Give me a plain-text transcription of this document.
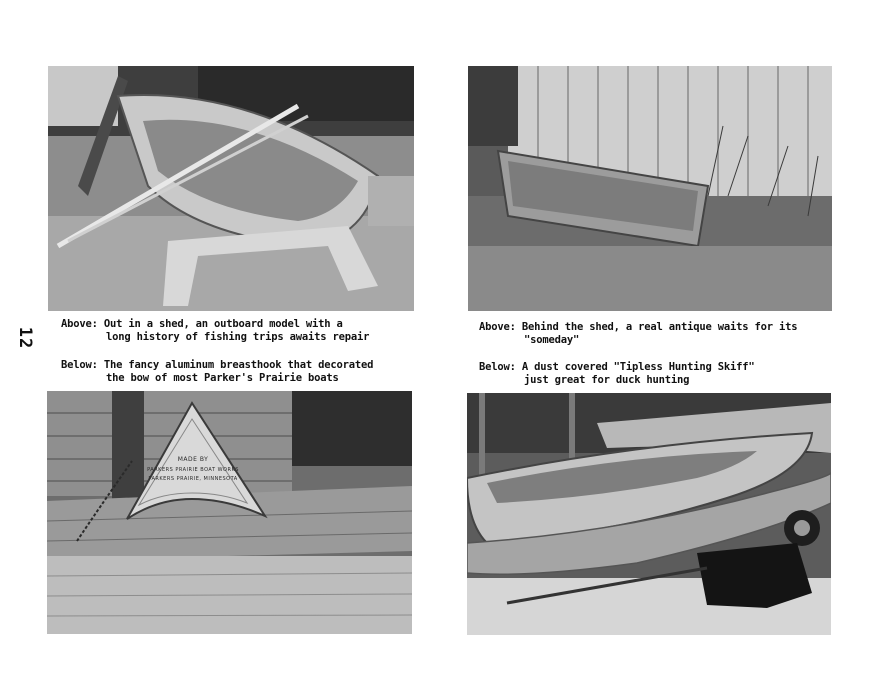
12
Above: Out in a shed, an outboard model with a
long history of fishing trips awaits repair
Below: The fancy aluminum breasthook that decorated
the bow of most Parker's Prairie boats
Above: Behind the shed, a real antique waits for its
"someday"
Below: A dust covered "Tipless Hunting Skiff"
just great for duck hunting
MADE BY
PARKERS PRAIRIE BOAT WORKS
PARKERS PRAIRIE, MINNESOTA
